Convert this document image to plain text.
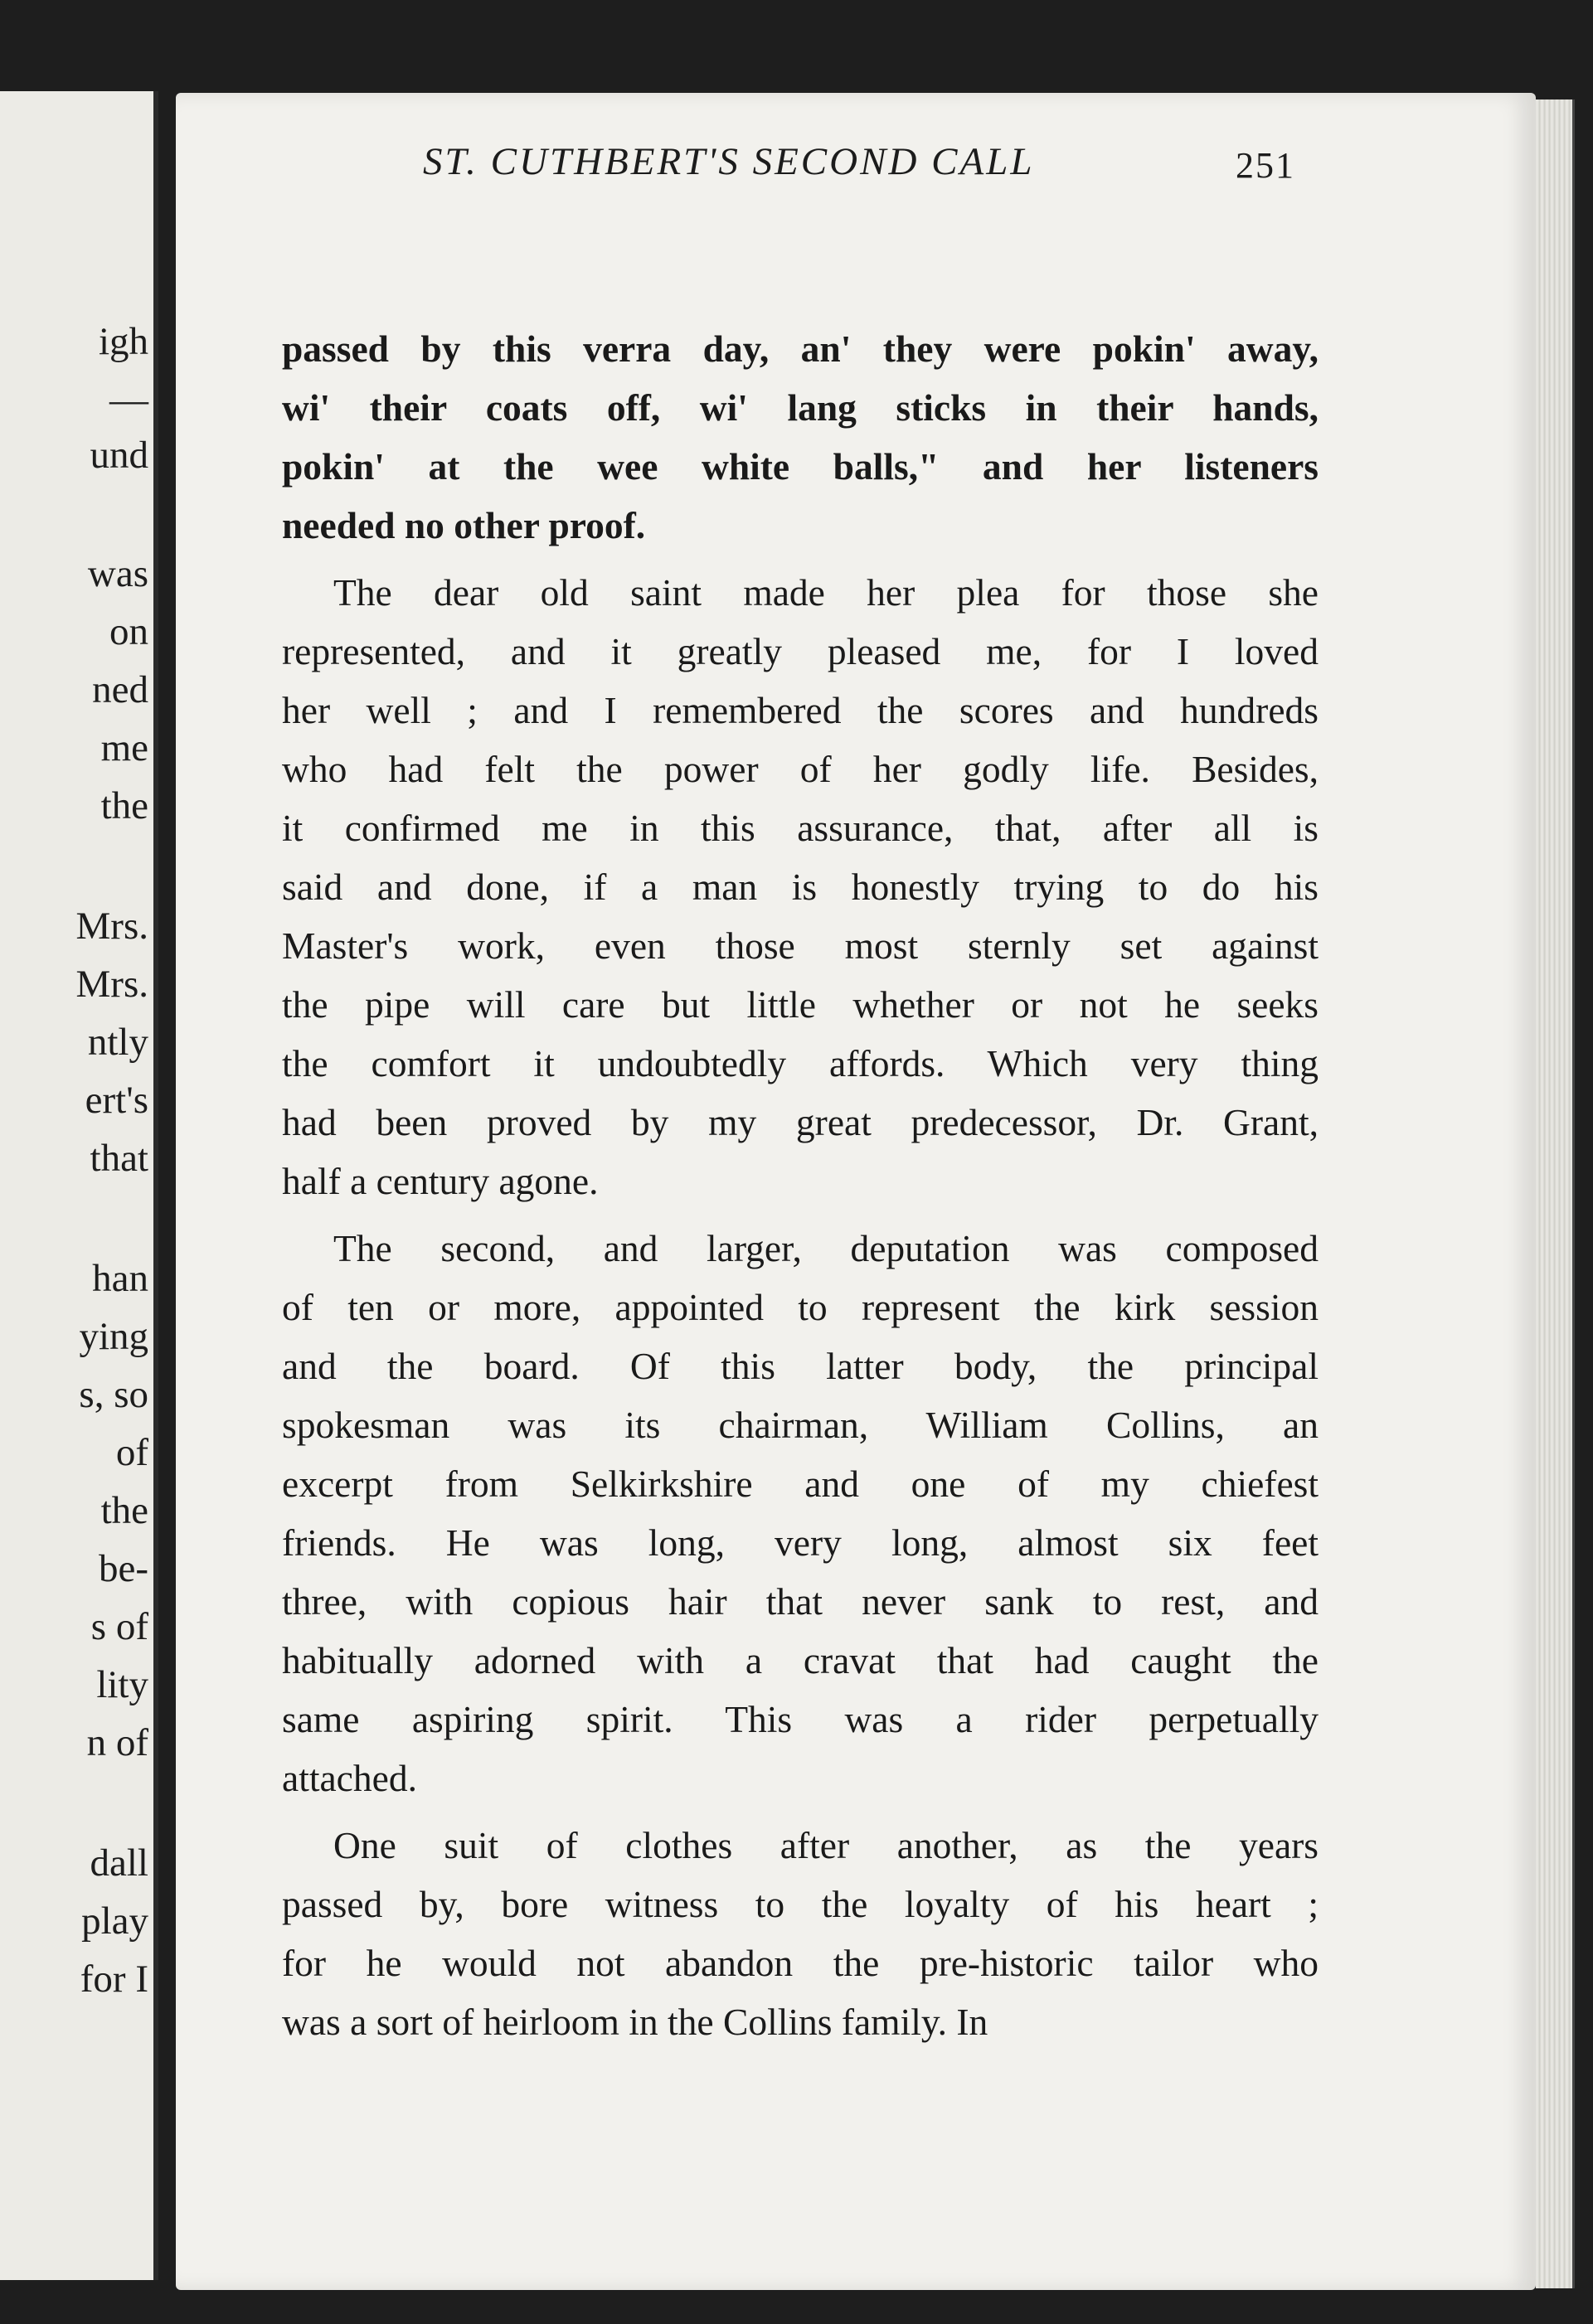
igh
—
und
was
on
ned
me
the
Mrs.
Mrs.
ntly
ert's
that
han
ying
s, so
of
the
be-
s of
lity
n of
dall
play
for I
ST. CUTHBERT'S SECOND CALL	251
passed by this verra day, an' they were pokin' away,
wi' their coats off, wi' lang sticks in their hands,
pokin' at the wee white balls," and her listeners
needed no other proof.
The dear old saint made her plea for those she
represented, and it greatly pleased me, for I loved
her well ; and I remembered the scores and hundreds
who had felt the power of her godly life. Besides,
it confirmed me in this assurance, that, after all is
said and done, if a man is honestly trying to do his
Master's work, even those most sternly set against
the pipe will care but little whether or not he seeks
the comfort it undoubtedly affords. Which very thing
had been proved by my great predecessor, Dr. Grant,
half a century agone.
The second, and larger, deputation was composed
of ten or more, appointed to represent the kirk session
and the board. Of this latter body, the principal
spokesman was its chairman, William Collins, an
excerpt from Selkirkshire and one of my chiefest
friends. He was long, very long, almost six feet
three, with copious hair that never sank to rest, and
habitually adorned with a cravat that had caught the
same aspiring spirit. This was a rider perpetually
attached.
One suit of clothes after another, as the years
passed by, bore witness to the loyalty of his heart ;
for he would not abandon the pre-historic tailor who
was a sort of heirloom in the Collins family. In
